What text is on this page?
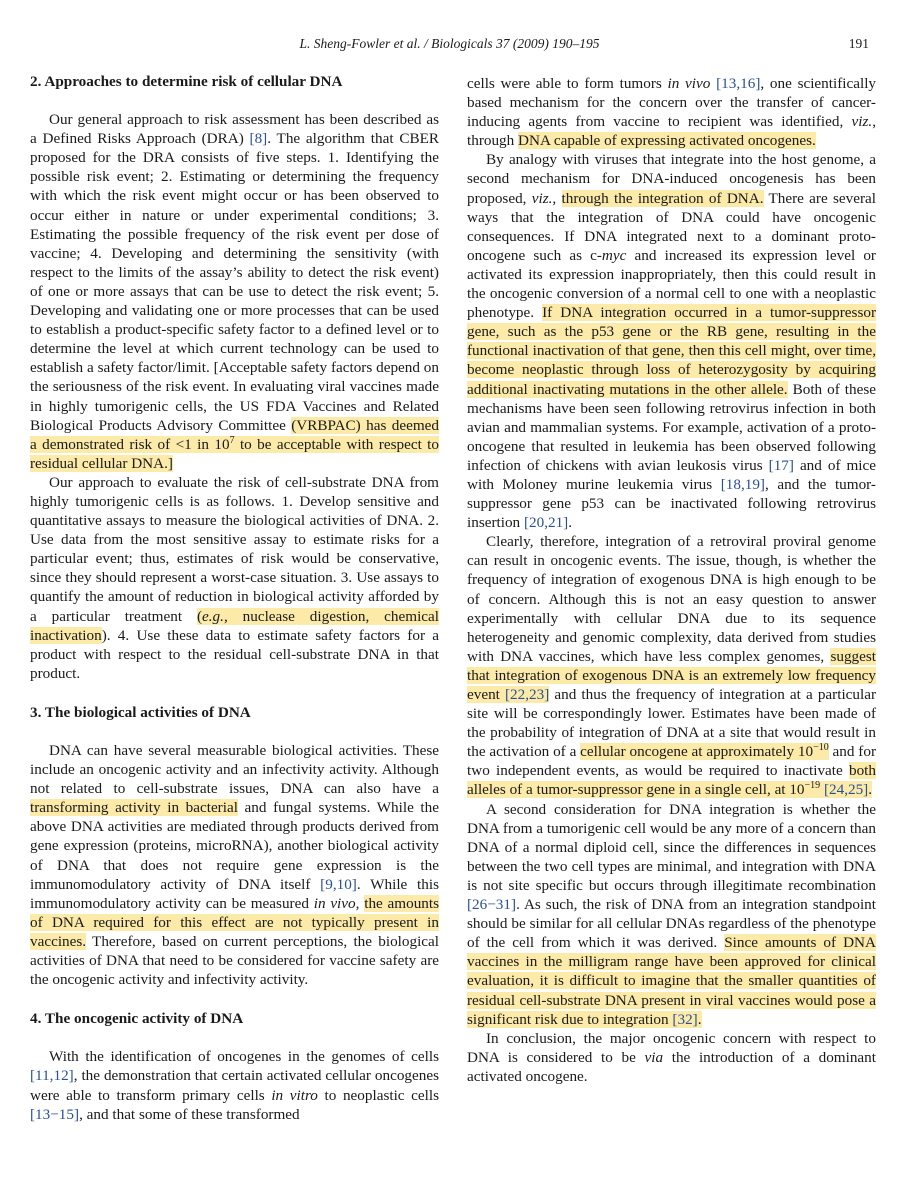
L. Sheng-Fowler et al. / Biologicals 37 (2009) 190–195	191
2. Approaches to determine risk of cellular DNA

Our general approach to risk assessment has been described as a Defined Risks Approach (DRA) [8]. The algorithm that CBER proposed for the DRA consists of five steps. 1. Identifying the possible risk event; 2. Estimating or determining the frequency with which the risk event might occur or has been observed to occur either in nature or under experimental conditions; 3. Estimating the possible frequency of the risk event per dose of vaccine; 4. Developing and determining the sensitivity (with respect to the limits of the assay’s ability to detect the risk event) of one or more assays that can be use to detect the risk event; 5. Developing and validating one or more processes that can be used to establish a product-specific safety factor to a defined level or to determine the level at which current technology can be used to establish a safety factor/limit. [Acceptable safety factors depend on the seriousness of the risk event. In evaluating viral vaccines made in highly tumorigenic cells, the US FDA Vaccines and Related Biological Products Advisory Committee (VRBPAC) has deemed a demonstrated risk of <1 in $10^7$ to be acceptable with respect to residual cellular DNA.]

Our approach to evaluate the risk of cell-substrate DNA from highly tumorigenic cells is as follows. 1. Develop sensitive and quantitative assays to measure the biological activities of DNA. 2. Use data from the most sensitive assay to estimate risks for a particular event; thus, estimates of risk would be conservative, since they should represent a worst-case situation. 3. Use assays to quantify the amount of reduction in biological activity afforded by a particular treatment (e.g., nuclease digestion, chemical inactivation). 4. Use these data to estimate safety factors for a product with respect to the residual cell-substrate DNA in that product.

3. The biological activities of DNA

DNA can have several measurable biological activities. These include an oncogenic activity and an infectivity activity. Although not related to cell-substrate issues, DNA can also have a transforming activity in bacterial and fungal systems. While the above DNA activities are mediated through products derived from gene expression (proteins, microRNA), another biological activity of DNA that does not require gene expression is the immunomodulatory activity of DNA itself [9,10]. While this immunomodulatory activity can be measured in vivo, the amounts of DNA required for this effect are not typically present in vaccines. Therefore, based on current perceptions, the biological activities of DNA that need to be considered for vaccine safety are the oncogenic activity and infectivity activity.

4. The oncogenic activity of DNA

With the identification of oncogenes in the genomes of cells [11,12], the demonstration that certain activated cellular oncogenes were able to transform primary cells in vitro to neoplastic cells [13−15], and that some of these transformed

cells were able to form tumors in vivo [13,16], one scientifically based mechanism for the concern over the transfer of cancer-inducing agents from vaccine to recipient was identified, viz., through DNA capable of expressing activated oncogenes.

By analogy with viruses that integrate into the host genome, a second mechanism for DNA-induced oncogenesis has been proposed, viz., through the integration of DNA. There are several ways that the integration of DNA could have oncogenic consequences. If DNA integrated next to a dominant proto-oncogene such as c-myc and increased its expression level or activated its expression inappropriately, then this could result in the oncogenic conversion of a normal cell to one with a neoplastic phenotype. If DNA integration occurred in a tumor-suppressor gene, such as the p53 gene or the RB gene, resulting in the functional inactivation of that gene, then this cell might, over time, become neoplastic through loss of heterozygosity by acquiring additional inactivating mutations in the other allele. Both of these mechanisms have been seen following retrovirus infection in both avian and mammalian systems. For example, activation of a proto-oncogene that resulted in leukemia has been observed following infection of chickens with avian leukosis virus [17] and of mice with Moloney murine leukemia virus [18,19], and the tumor-suppressor gene p53 can be inactivated following retrovirus insertion [20,21].

Clearly, therefore, integration of a retroviral proviral genome can result in oncogenic events. The issue, though, is whether the frequency of integration of exogenous DNA is high enough to be of concern. Although this is not an easy question to answer experimentally with cellular DNA due to its sequence heterogeneity and genomic complexity, data derived from studies with DNA vaccines, which have less complex genomes, suggest that integration of exogenous DNA is an extremely low frequency event [22,23] and thus the frequency of integration at a particular site will be correspondingly lower. Estimates have been made of the probability of integration of DNA at a site that would result in the activation of a cellular oncogene at approximately $10^{-10}$ and for two independent events, as would be required to inactivate both alleles of a tumor-suppressor gene in a single cell, at $10^{-19}$ [24,25].

A second consideration for DNA integration is whether the DNA from a tumorigenic cell would be any more of a concern than DNA of a normal diploid cell, since the differences in sequences between the two cell types are minimal, and integration with DNA is not site specific but occurs through illegitimate recombination [26−31]. As such, the risk of DNA from an integration standpoint should be similar for all cellular DNAs regardless of the phenotype of the cell from which it was derived. Since amounts of DNA vaccines in the milligram range have been approved for clinical evaluation, it is difficult to imagine that the smaller quantities of residual cell-substrate DNA present in viral vaccines would pose a significant risk due to integration [32].

In conclusion, the major oncogenic concern with respect to DNA is considered to be via the introduction of a dominant activated oncogene.
